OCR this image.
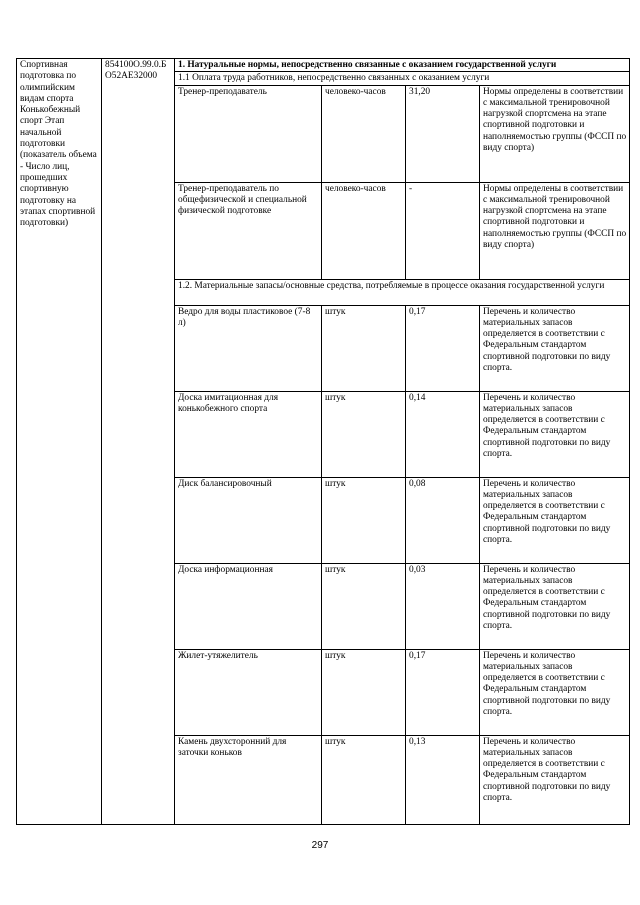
Спортивная подготовка по олимпийским видам спорта Конькобежный спорт Этап начальной подготовки (показатель объема - Число лиц, прошедших спортивную подготовку на этапах спортивной подготовки)	854100О.99.0.БО52АЕ32000	1. Натуральные нормы, непосредственно связанные с оказанием государственной услуги			
		1.1 Оплата труда работников, непосредственно связанных с оказанием услуги			
		Тренер-преподаватель	человеко-часов	31,20	Нормы определены в соответствии с максимальной тренировочной нагрузкой спортсмена на этапе спортивной подготовки и наполняемостью группы (ФССП по виду спорта)
		Тренер-преподаватель по общефизической и специальной физической подготовке	человеко-часов	-	Нормы определены в соответствии с максимальной тренировочной нагрузкой спортсмена на этапе спортивной подготовки и наполняемостью группы (ФССП по виду спорта)
		1.2. Материальные запасы/основные средства, потребляемые в процессе оказания государственной услуги			
		Ведро для воды пластиковое (7-8 л)	штук	0,17	Перечень и количество материальных запасов определяется в соответствии с Федеральным стандартом спортивной подготовки по виду спорта.
		Доска имитационная для конькобежного спорта	штук	0,14	Перечень и количество материальных запасов определяется в соответствии с Федеральным стандартом спортивной подготовки по виду спорта.
		Диск балансировочный	штук	0,08	Перечень и количество материальных запасов определяется в соответствии с Федеральным стандартом спортивной подготовки по виду спорта.
		Доска информационная	штук	0,03	Перечень и количество материальных запасов определяется в соответствии с Федеральным стандартом спортивной подготовки по виду спорта.
		Жилет-утяжелитель	штук	0,17	Перечень и количество материальных запасов определяется в соответствии с Федеральным стандартом спортивной подготовки по виду спорта.
		Камень двухсторонний для заточки коньков	штук	0,13	Перечень и количество материальных запасов определяется в соответствии с Федеральным стандартом спортивной подготовки по виду спорта.
297
